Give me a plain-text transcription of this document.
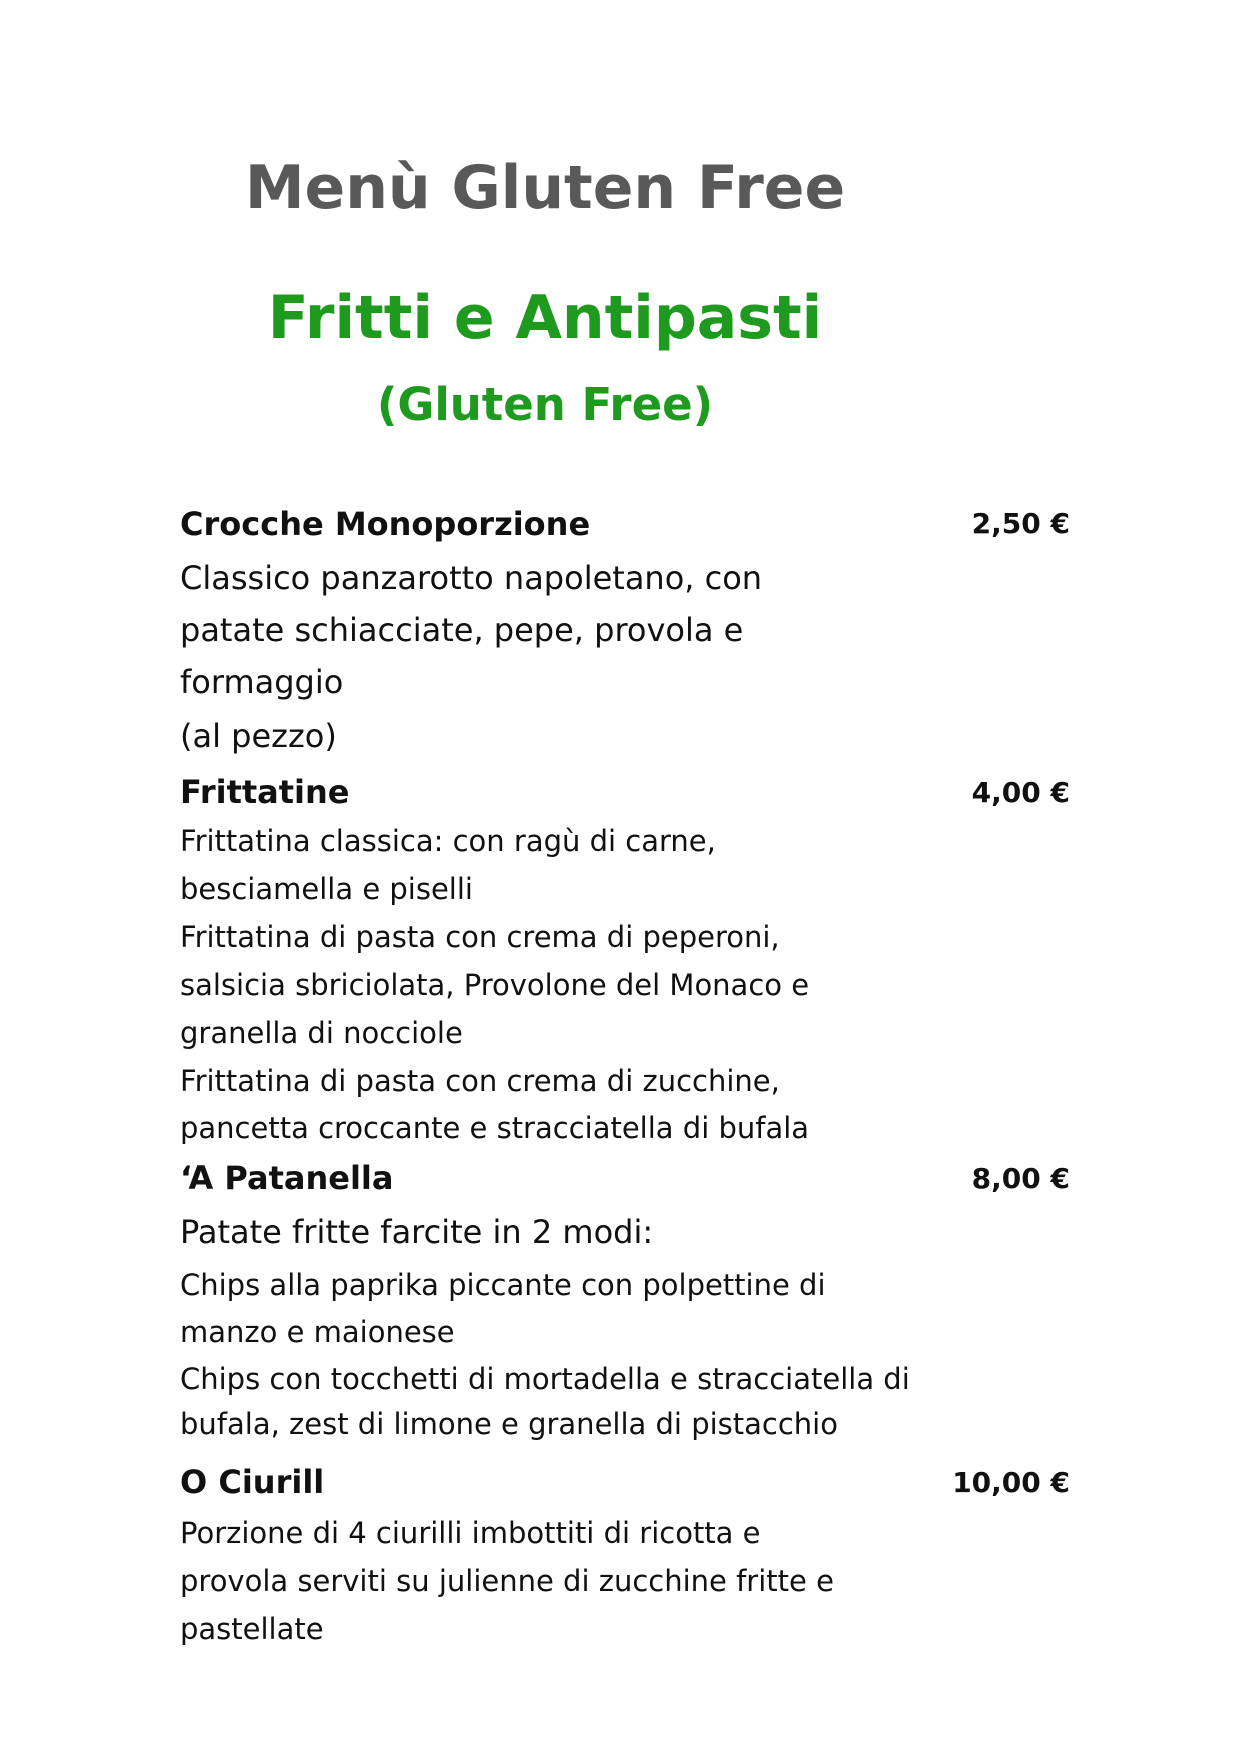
Menù Gluten Free
Fritti e Antipasti
(Gluten Free)
Crocche Monoporzione	2,50 €
Classico panzarotto napoletano, con
patate schiacciate, pepe, provola e
formaggio
(al pezzo)
Frittatine	4,00 €
Frittatina classica: con ragù di carne,
besciamella e piselli
Frittatina di pasta con crema di peperoni,
salsicia sbriciolata, Provolone del Monaco e
granella di nocciole
Frittatina di pasta con crema di zucchine,
pancetta croccante e stracciatella di bufala
‘A Patanella	8,00 €
Patate fritte farcite in 2 modi:
Chips alla paprika piccante con polpettine di
manzo e maionese
Chips con tocchetti di mortadella e stracciatella di
bufala, zest di limone e granella di pistacchio
O Ciurill	10,00 €
Porzione di 4 ciurilli imbottiti di ricotta e
provola serviti su julienne di zucchine fritte e
pastellate
